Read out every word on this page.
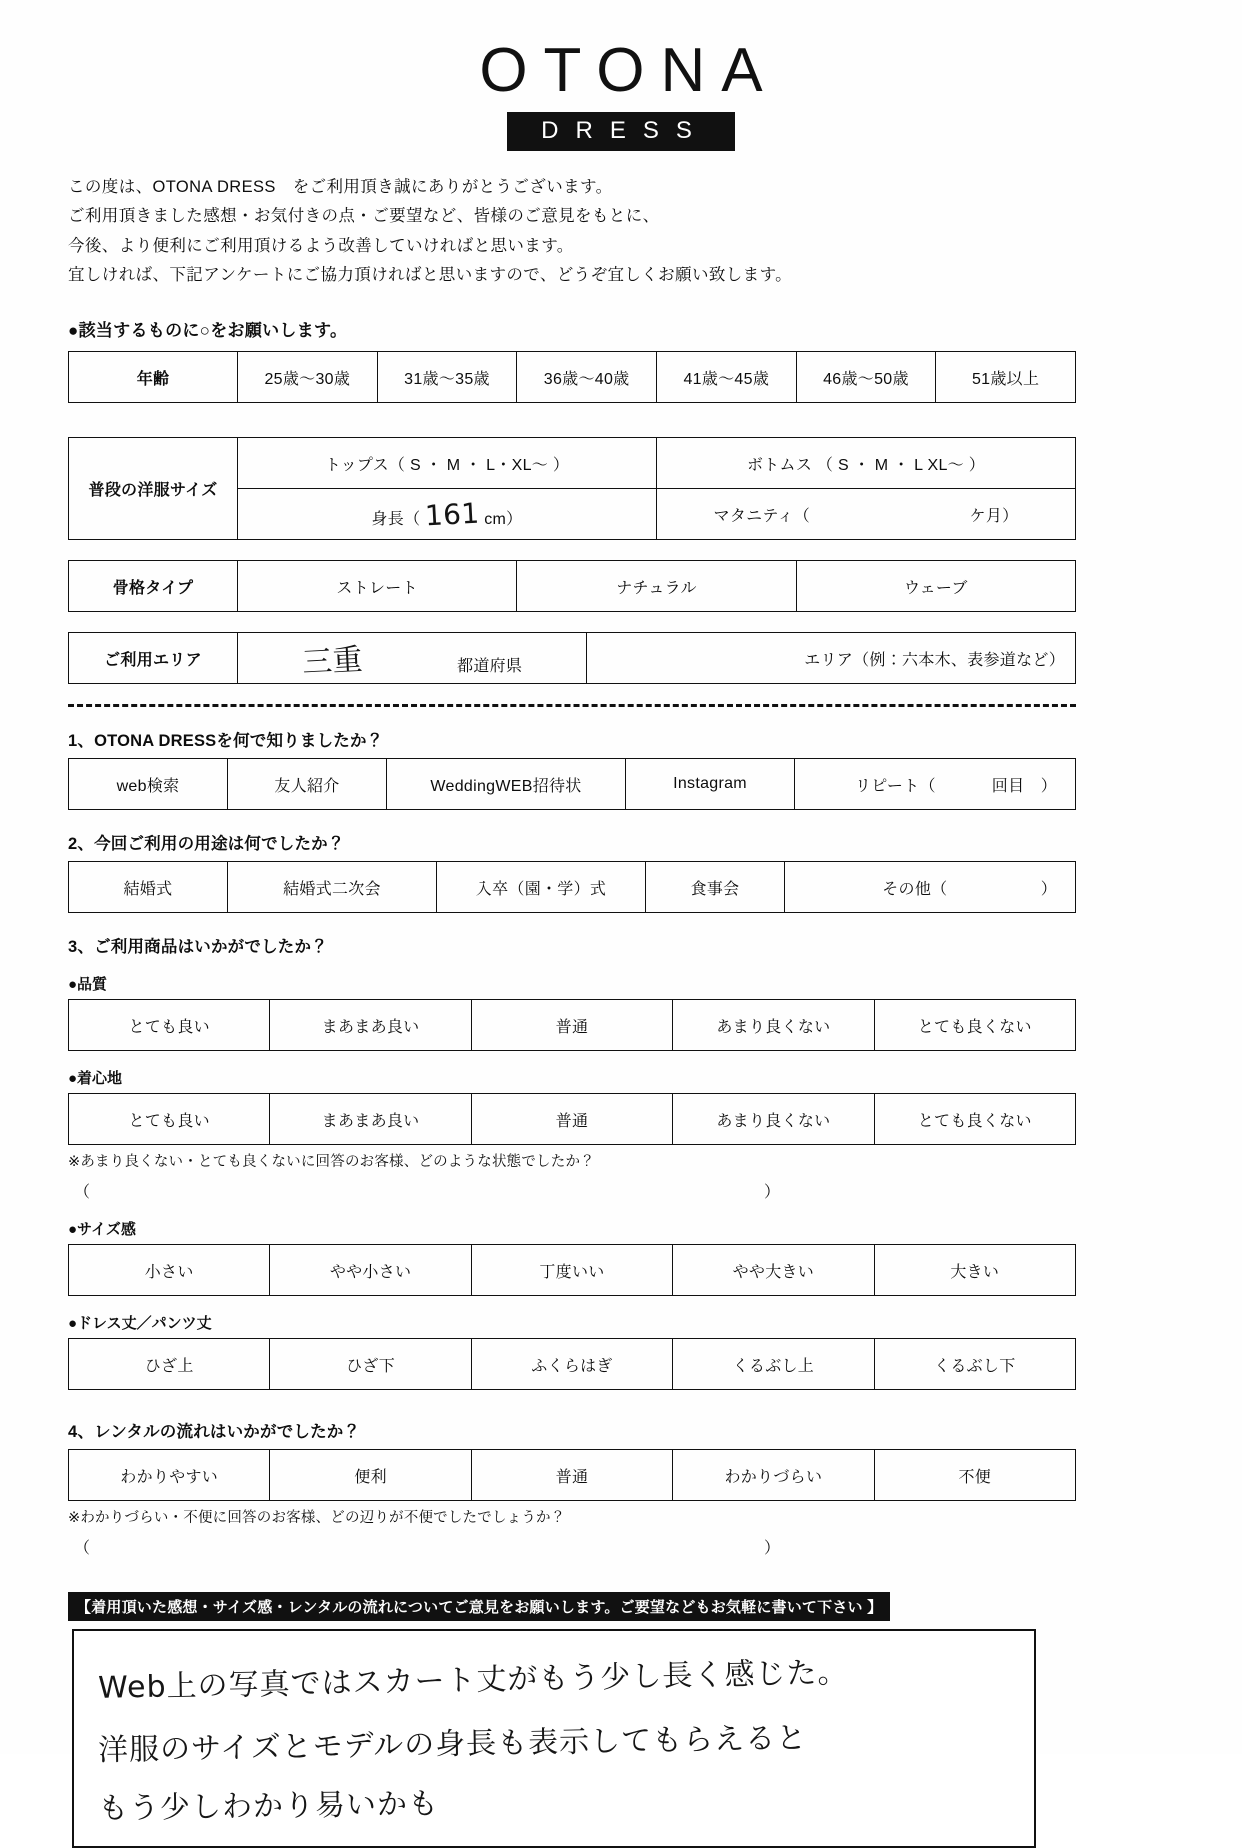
OTONA
DRESS
この度は、OTONA DRESS　をご利用頂き誠にありがとうございます。
ご利用頂きました感想・お気付きの点・ご要望など、皆様のご意見をもとに、
今後、より便利にご利用頂けるよう改善していければと思います。
宜しければ、下記アンケートにご協力頂ければと思いますので、どうぞ宜しくお願い致します。
●該当するものに○をお願いします。
年齢	25歳〜30歳	31歳〜35歳	36歳〜40歳	41歳〜45歳	46歳〜50歳	51歳以上
普段の洋服サイズ	トップス（ S ・ M ・ L・XL〜 ）	ボトムス （ S ・ M ・ L XL〜 ）
	身長（ 161 cm）	マタニティ（ ケ月）
骨格タイプ	ストレート	ナチュラル	ウェーブ
ご利用エリア	三重	都道府県	エリア（例：六本木、表参道など）
1、OTONA DRESSを何で知りましたか？
web検索	友人紹介	WeddingWEB招待状	Instagram	リピート（	回目　）
2、今回ご利用の用途は何でしたか？
結婚式	結婚式二次会	入卒（園・学）式	食事会	その他（	）
3、ご利用商品はいかがでしたか？
●品質
とても良い	まあまあ良い	普通	あまり良くない	とても良くない
●着心地
とても良い	まあまあ良い	普通	あまり良くない	とても良くない
※あまり良くない・とても良くないに回答のお客様、どのような状態でしたか？
（	）
●サイズ感
小さい	やや小さい	丁度いい	やや大きい	大きい
●ドレス丈／パンツ丈
ひざ上	ひざ下	ふくらはぎ	くるぶし上	くるぶし下
4、レンタルの流れはいかがでしたか？
わかりやすい	便利	普通	わかりづらい	不便
※わかりづらい・不便に回答のお客様、どの辺りが不便でしたでしょうか？
（	）
【着用頂いた感想・サイズ感・レンタルの流れについてご意見をお願いします。ご要望などもお気軽に書いて下さい 】
Web上の写真ではスカート丈がもう少し長く感じた。
洋服のサイズとモデルの身長も表示してもらえると
もう少しわかり易いかも
